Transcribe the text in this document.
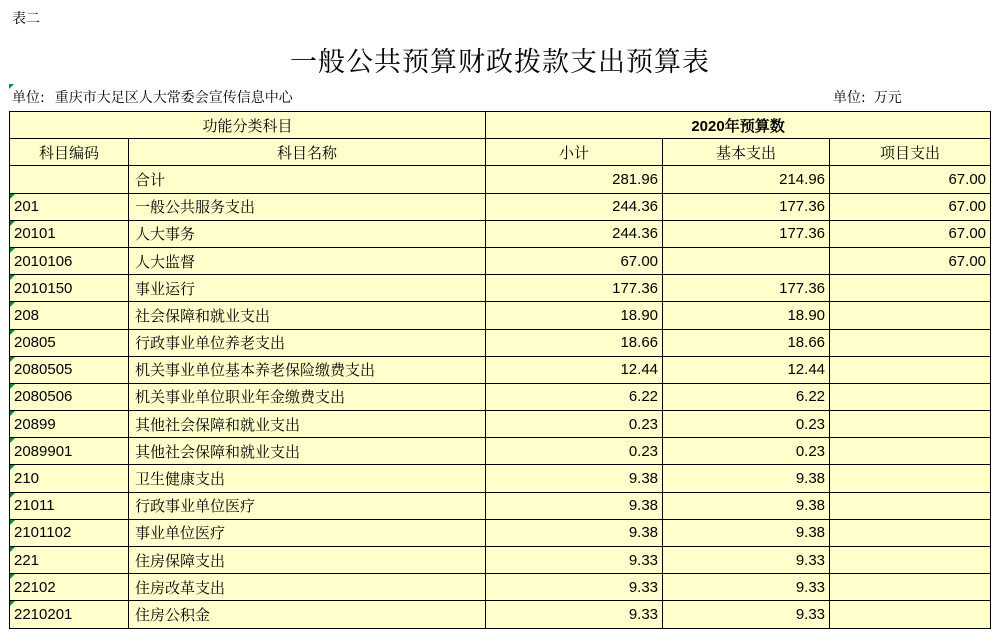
表二
一般公共预算财政拨款支出预算表
单位: 重庆市大足区人大常委会宣传信息中心	单位: 万元
功能分类科目		2020年预算数		
科目编码	科目名称	小计	基本支出	项目支出
	合计	281.96	214.96	67.00
201	一般公共服务支出	244.36	177.36	67.00
20101	人大事务	244.36	177.36	67.00
2010106	人大监督	67.00		67.00
2010150	事业运行	177.36	177.36	
208	社会保障和就业支出	18.90	18.90	
20805	行政事业单位养老支出	18.66	18.66	
2080505	机关事业单位基本养老保险缴费支出	12.44	12.44	
2080506	机关事业单位职业年金缴费支出	6.22	6.22	
20899	其他社会保障和就业支出	0.23	0.23	
2089901	其他社会保障和就业支出	0.23	0.23	
210	卫生健康支出	9.38	9.38	
21011	行政事业单位医疗	9.38	9.38	
2101102	事业单位医疗	9.38	9.38	
221	住房保障支出	9.33	9.33	
22102	住房改革支出	9.33	9.33	
2210201	住房公积金	9.33	9.33	
